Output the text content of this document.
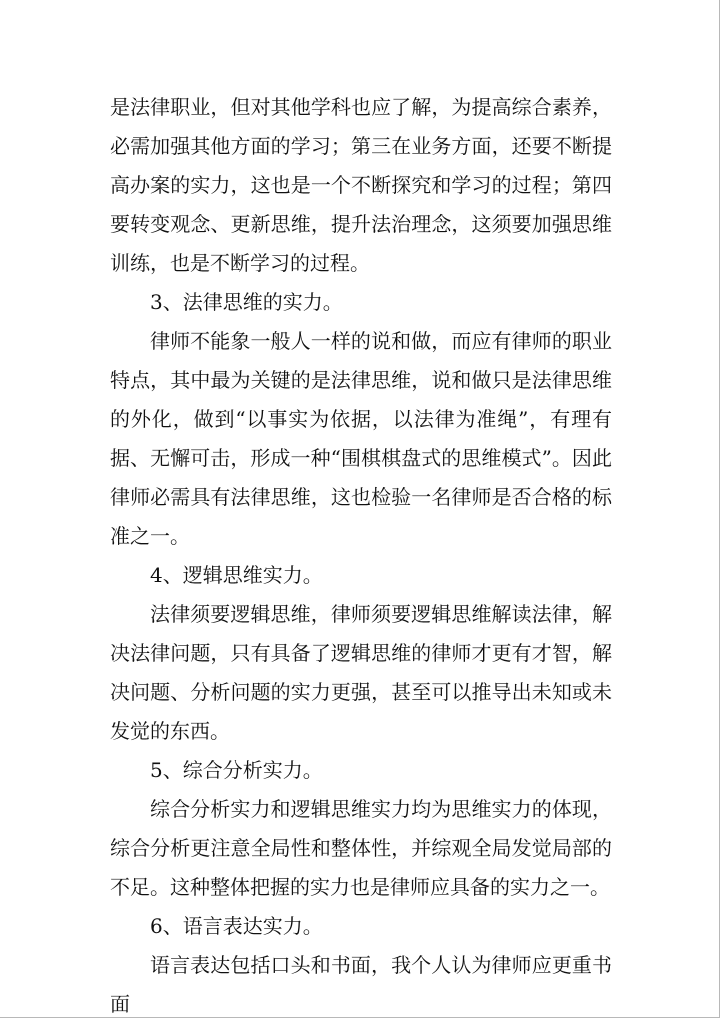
是法律职业，但对其他学科也应了解，为提高综合素养，必需加强其他方面的学习；第三在业务方面，还要不断提高办案的实力，这也是一个不断探究和学习的过程；第四要转变观念、更新思维，提升法治理念，这须要加强思维训练，也是不断学习的过程。

3、法律思维的实力。

律师不能象一般人一样的说和做，而应有律师的职业特点，其中最为关键的是法律思维，说和做只是法律思维的外化，做到“以事实为依据，以法律为准绳”，有理有据、无懈可击，形成一种“围棋棋盘式的思维模式”。因此律师必需具有法律思维，这也检验一名律师是否合格的标准之一。

4、逻辑思维实力。

法律须要逻辑思维，律师须要逻辑思维解读法律，解决法律问题，只有具备了逻辑思维的律师才更有才智，解决问题、分析问题的实力更强，甚至可以推导出未知或未发觉的东西。

5、综合分析实力。

综合分析实力和逻辑思维实力均为思维实力的体现，综合分析更注意全局性和整体性，并综观全局发觉局部的不足。这种整体把握的实力也是律师应具备的实力之一。

6、语言表达实力。

语言表达包括口头和书面，我个人认为律师应更重书面
